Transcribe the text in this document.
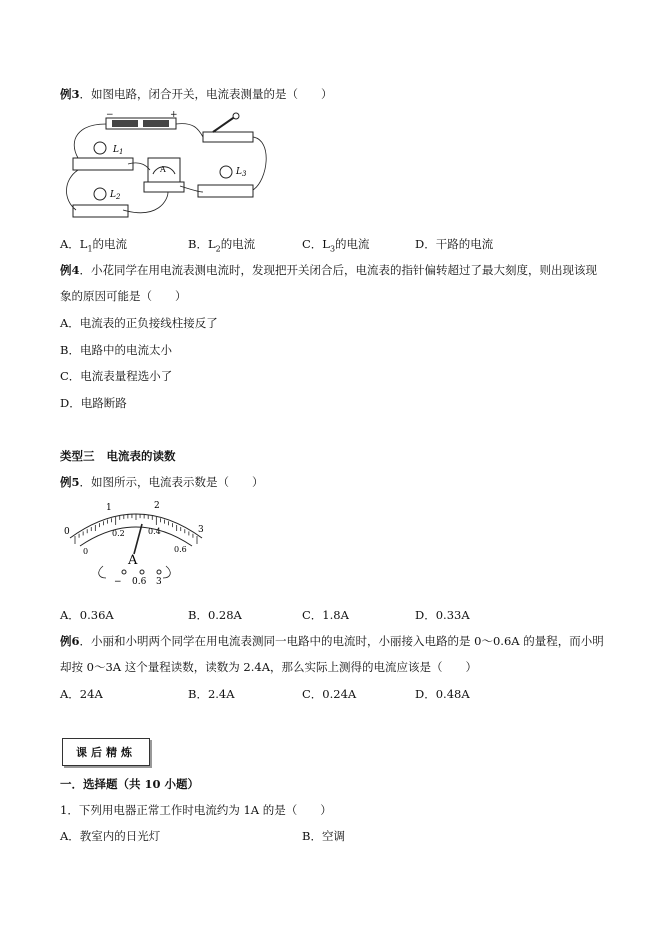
例3．如图电路，闭合开关，电流表测量的是（　　）
−	+
$L_1$
$L_2$
A	$L_3$
A．$L_1$的电流	B．$L_2$的电流	C．$L_3$的电流	D．干路的电流
例4．小花同学在用电流表测电流时，发现把开关闭合后，电流表的指针偏转超过了最大刻度，则出现该现
象的原因可能是（　　）
A．电流表的正负接线柱接反了
B．电路中的电流太小
C．电流表量程选小了
D．电路断路
类型三 电流表的读数
例5．如图所示，电流表示数是（　　）
0
1	2
3
0
0.2	0.4
0.6
A
− 0.6 3
A．0.36A	B．0.28A	C．1.8A	D．0.33A
例6．小丽和小明两个同学在用电流表测同一电路中的电流时，小丽接入电路的是 0～0.6A 的量程，而小明
却按 0～3A 这个量程读数，读数为 2.4A，那么实际上测得的电流应该是（　　）
A．24A	B．2.4A	C．0.24A	D．0.48A
课后精炼
一．选择题（共 10 小题）
1．下列用电器正常工作时电流约为 1A 的是（　　）
A．教室内的日光灯	B．空调
